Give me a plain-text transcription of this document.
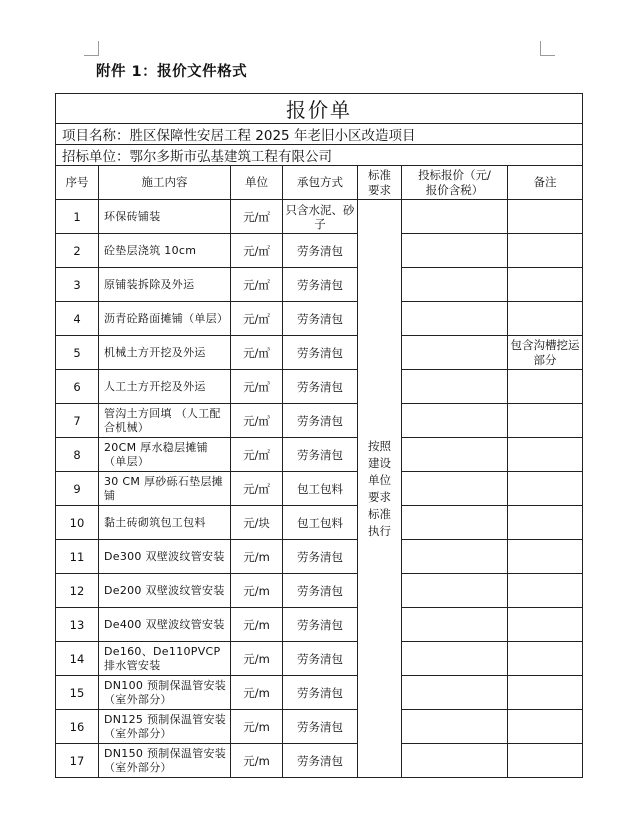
附件 1：报价文件格式
报价单						
项目名称：胜区保障性安居工程 2025 年老旧小区改造项目						
招标单位：鄂尔多斯市弘基建筑工程有限公司						
序号	施工内容	单位	承包方式	标准要求	投标报价（元/报价含税）	备注
1	环保砖铺装	元/㎡	只含水泥、砂子	按照建设单位要求标准执行		
2	砼垫层浇筑 10cm	元/㎡	劳务清包			
3	原铺装拆除及外运	元/㎡	劳务清包			
4	沥青砼路面摊铺（单层）	元/㎡	劳务清包			
5	机械土方开挖及外运	元/㎥	劳务清包			包含沟槽挖运部分
6	人工土方开挖及外运	元/㎥	劳务清包			
7	管沟土方回填 （人工配合机械）	元/㎥	劳务清包			
8	20CM 厚水稳层摊铺（单层）	元/㎡	劳务清包			
9	30 CM 厚砂砾石垫层摊铺	元/㎡	包工包料			
10	黏土砖砌筑包工包料	元/块	包工包料			
11	De300 双壁波纹管安装	元/m	劳务清包			
12	De200 双壁波纹管安装	元/m	劳务清包			
13	De400 双壁波纹管安装	元/m	劳务清包			
14	De160、De110PVCP 排水管安装	元/m	劳务清包			
15	DN100 预制保温管安装 （室外部分）	元/m	劳务清包			
16	DN125 预制保温管安装（室外部分）	元/m	劳务清包			
17	DN150 预制保温管安装 （室外部分）	元/m	劳务清包			
